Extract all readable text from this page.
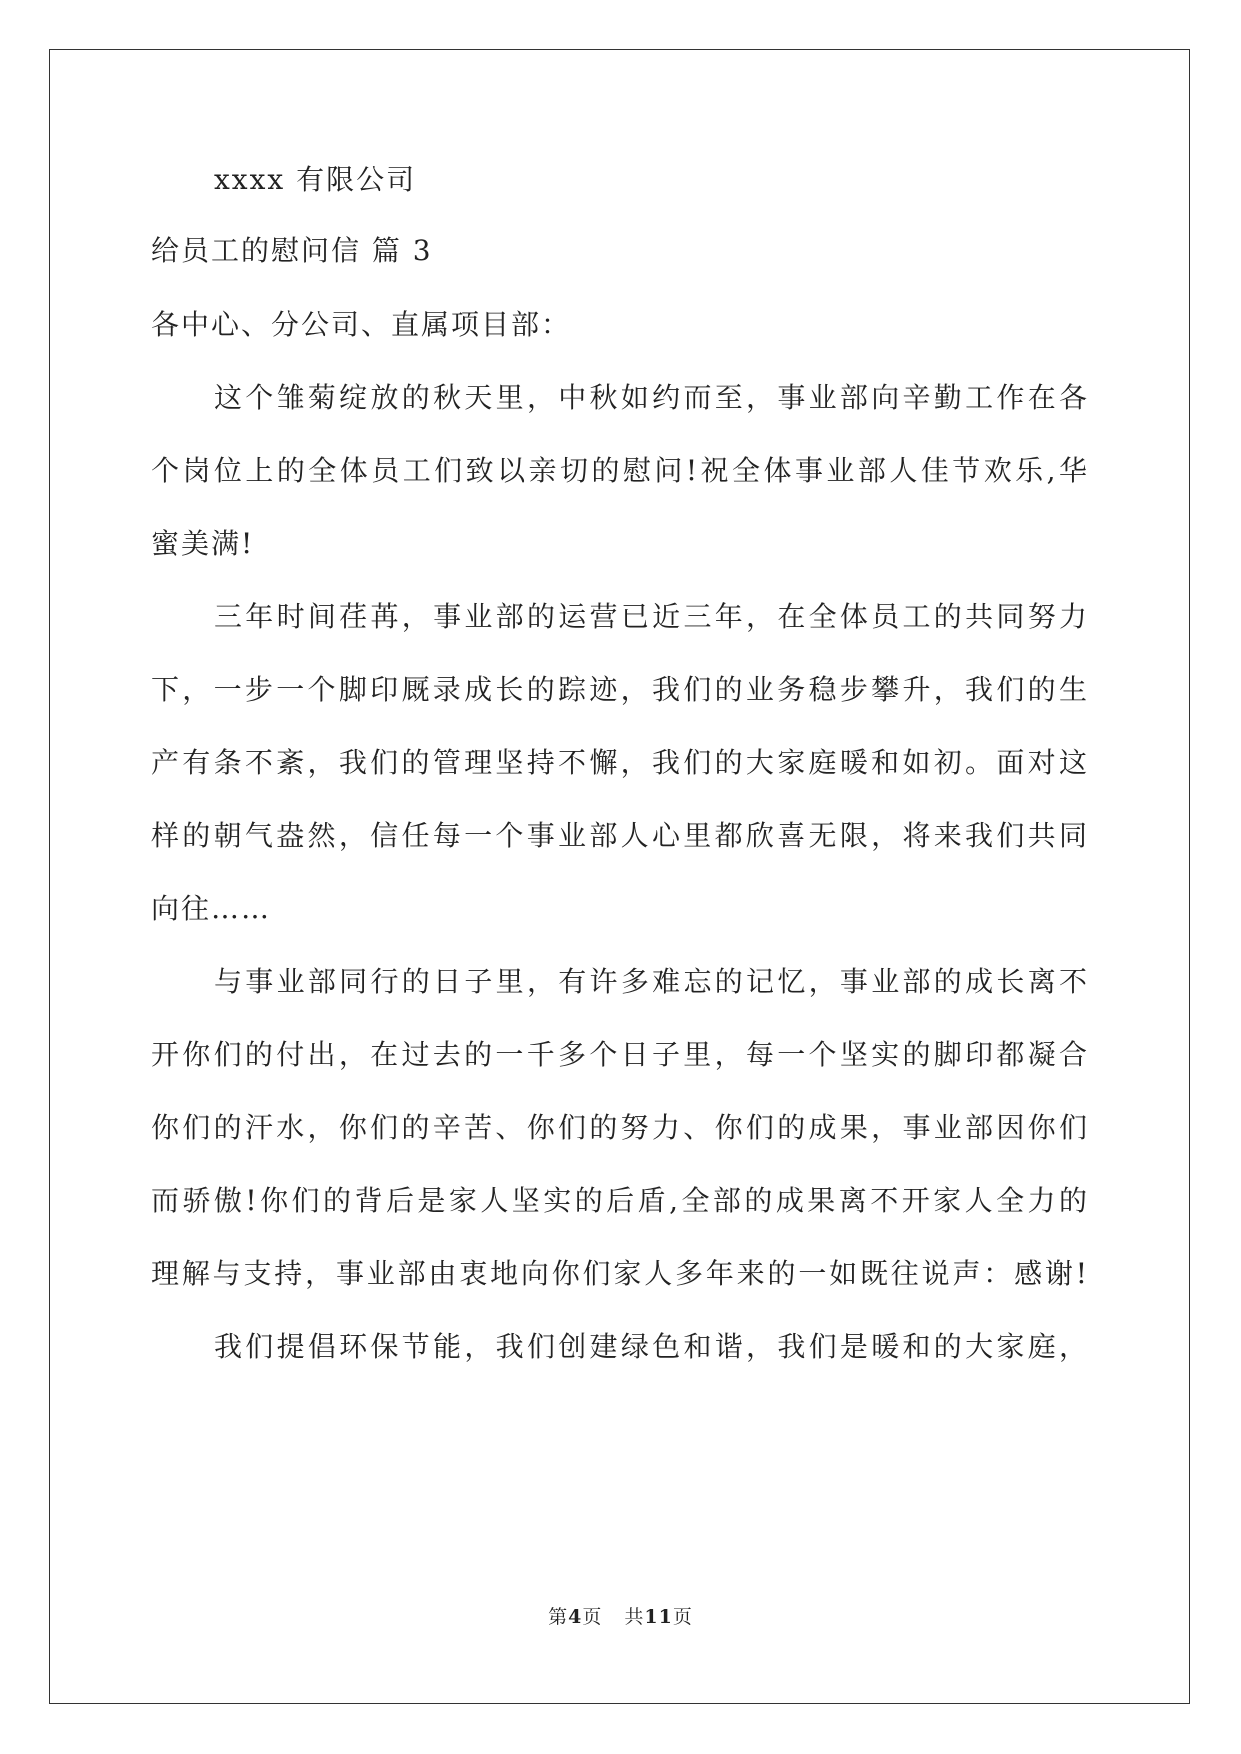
xxxx 有限公司
给员工的慰问信 篇 3
各中心、分公司、直属项目部：
这个雏菊绽放的秋天里，中秋如约而至，事业部向辛勤工作在各
个岗位上的全体员工们致以亲切的慰问!祝全体事业部人佳节欢乐,华
蜜美满!
三年时间荏苒，事业部的运营已近三年，在全体员工的共同努力
下，一步一个脚印厩录成长的踪迹，我们的业务稳步攀升，我们的生
产有条不紊，我们的管理坚持不懈，我们的大家庭暖和如初。面对这
样的朝气盎然，信任每一个事业部人心里都欣喜无限，将来我们共同
向往……
与事业部同行的日子里，有许多难忘的记忆，事业部的成长离不
开你们的付出，在过去的一千多个日子里，每一个坚实的脚印都凝合
你们的汗水，你们的辛苦、你们的努力、你们的成果，事业部因你们
而骄傲!你们的背后是家人坚实的后盾,全部的成果离不开家人全力的
理解与支持，事业部由衷地向你们家人多年来的一如既往说声：感谢!
我们提倡环保节能，我们创建绿色和谐，我们是暖和的大家庭，
第4页 共11页
